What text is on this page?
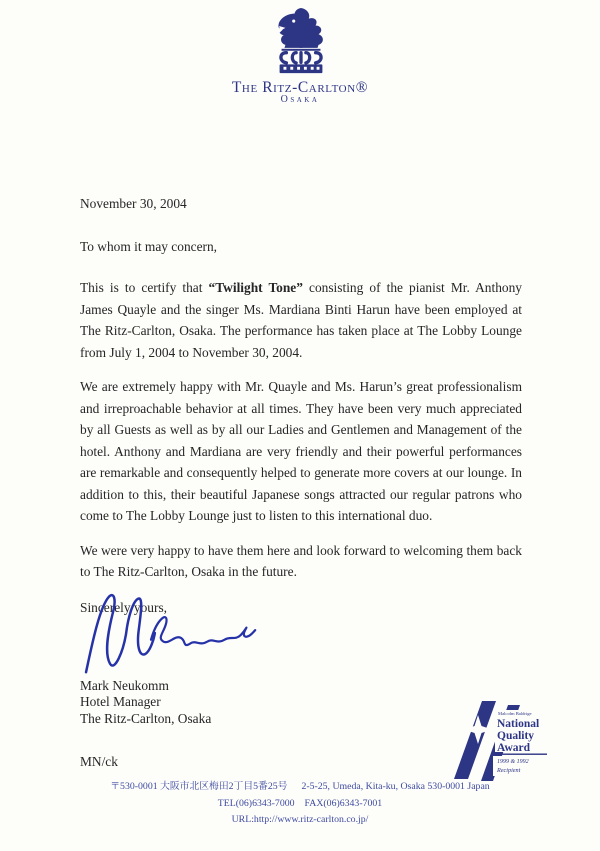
The Ritz-Carlton®
Osaka

November 30, 2004

To whom it may concern,

This is to certify that “Twilight Tone” consisting of the pianist Mr. Anthony James Quayle and the singer Ms. Mardiana Binti Harun have been employed at The Ritz-Carlton, Osaka. The performance has taken place at The Lobby Lounge from July 1, 2004 to November 30, 2004.

We are extremely happy with Mr. Quayle and Ms. Harun’s great professionalism and irreproachable behavior at all times. They have been very much appreciated by all Guests as well as by all our Ladies and Gentlemen and Management of the hotel. Anthony and Mardiana are very friendly and their powerful performances are remarkable and consequently helped to generate more covers at our lounge. In addition to this, their beautiful Japanese songs attracted our regular patrons who come to The Lobby Lounge just to listen to this international duo.

We were very happy to have them here and look forward to welcoming them back to The Ritz-Carlton, Osaka in the future.

Sincerely yours,
Mark Neukomm
Hotel Manager
The Ritz-Carlton, Osaka

MN/ck

Malcolm Baldrige
National
Quality
Award
1999 & 1992
Recipient
〒530-0001 大阪市北区梅田2丁目5番25号 2-5-25, Umeda, Kita-ku, Osaka 530-0001 Japan
TEL(06)6343-7000 FAX(06)6343-7001
URL:http://www.ritz-carlton.co.jp/
